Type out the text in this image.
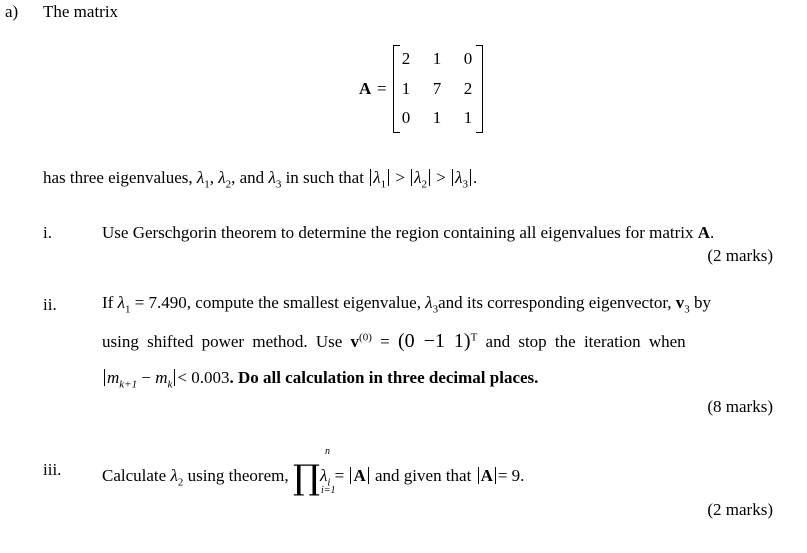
a) The matrix
A =
2 1 0
1 7 2
0 1 1
has three eigenvalues, $\lambda_1$, $\lambda_2$, and $\lambda_3$ in such that $\lambda_1 > \lambda_2 > \lambda_3$ .
i.	Use Gerschgorin theorem to determine the region containing all eigenvalues for matrix A.
(2 marks)
ii.	If $\lambda_1 = 7.490$, compute the smallest eigenvalue, $\lambda_3and$ its corresponding eigenvector, $v_3$ by
using shifted power method. Use $v^{(0)} = (0 -1$ 1)$^T$ and stop the iteration when
$m_{k+1} - m_k < 0.003$. Do all calculation in three decimal places.
(8 marks)
iii. Calculate $\lambda_2$ using theorem, $\prod\lambda_i = A$ and given that A = 9.
n
i=1
(2 marks)
